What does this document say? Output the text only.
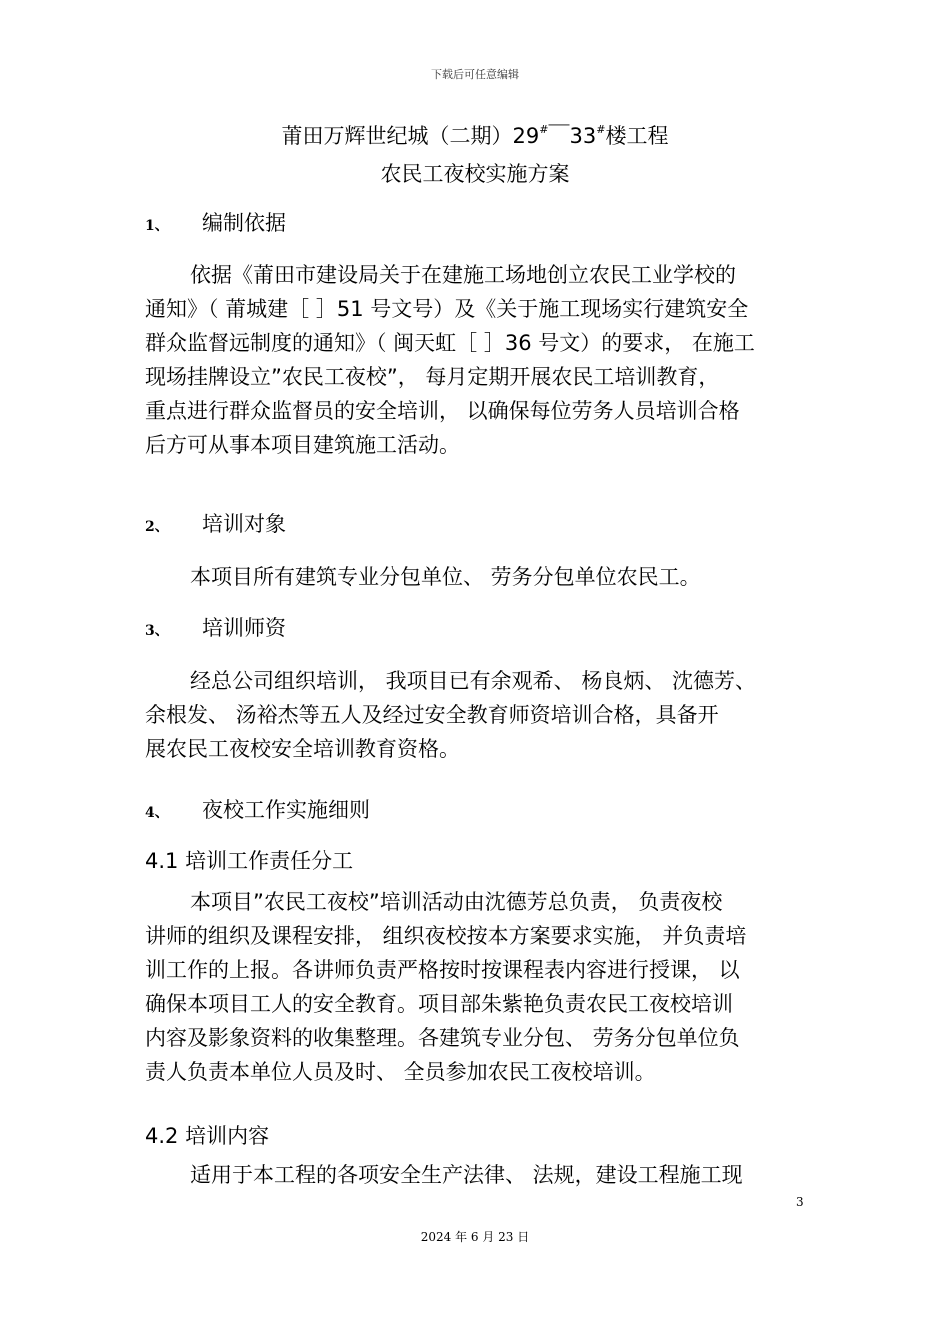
下载后可任意编辑
莆田万辉世纪城（二期）29#￣33#楼工程
农民工夜校实施方案
1、 编制依据
依据《莆田市建设局关于在建施工场地创立农民工业学校的
通知》（ 莆城建［ ］51 号文号）及《关于施工现场实行建筑安全
群众监督远制度的通知》（ 闽天虹［ ］36 号文）的要求， 在施工
现场挂牌设立”农民工夜校”， 每月定期开展农民工培训教育，
重点进行群众监督员的安全培训， 以确保每位劳务人员培训合格
后方可从事本项目建筑施工活动。
2、 培训对象
本项目所有建筑专业分包单位、 劳务分包单位农民工。
3、 培训师资
经总公司组织培训， 我项目已有余观希、 杨良炳、 沈德芳、
余根发、 汤裕杰等五人及经过安全教育师资培训合格，具备开
展农民工夜校安全培训教育资格。
4、 夜校工作实施细则
4.1 培训工作责任分工
本项目”农民工夜校”培训活动由沈德芳总负责， 负责夜校
讲师的组织及课程安排， 组织夜校按本方案要求实施， 并负责培
训工作的上报。各讲师负责严格按时按课程表内容进行授课， 以
确保本项目工人的安全教育。项目部朱紫艳负责农民工夜校培训
内容及影象资料的收集整理。各建筑专业分包、 劳务分包单位负
责人负责本单位人员及时、 全员参加农民工夜校培训。
4.2 培训内容
适用于本工程的各项安全生产法律、 法规，建设工程施工现
3
2024 年 6 月 23 日
